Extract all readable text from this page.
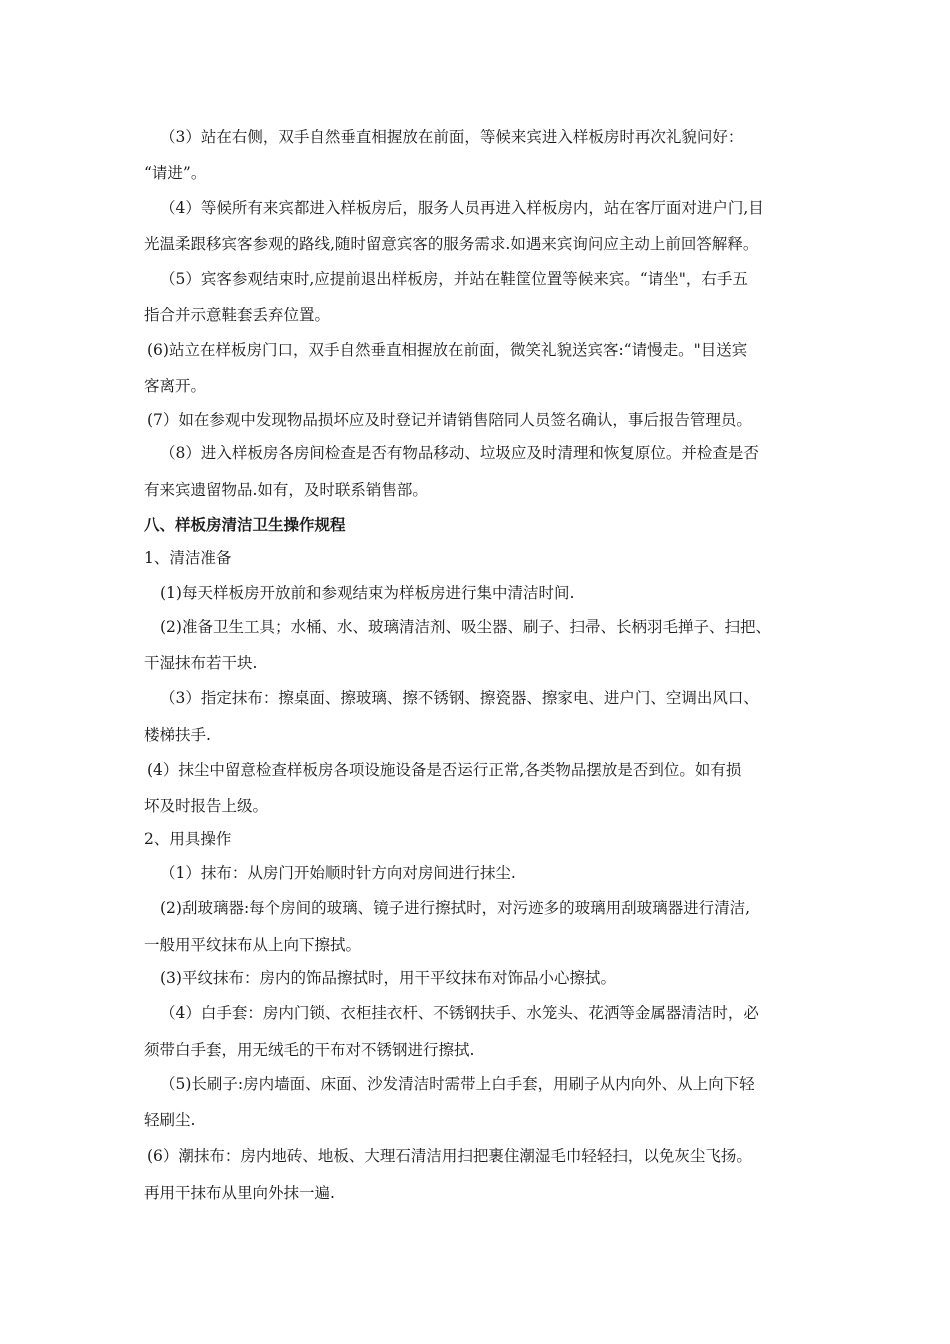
（3）站在右侧，双手自然垂直相握放在前面，等候来宾进入样板房时再次礼貌问好：
“请进”。
（4）等候所有来宾都进入样板房后，服务人员再进入样板房内，站在客厅面对进户门,目
光温柔跟移宾客参观的路线,随时留意宾客的服务需求.如遇来宾询问应主动上前回答解释。
（5）宾客参观结束时,应提前退出样板房，并站在鞋筐位置等候来宾。“请坐"，右手五
指合并示意鞋套丢弃位置。
(6)站立在样板房门口，双手自然垂直相握放在前面，微笑礼貌送宾客:“请慢走。"目送宾
客离开。
(7）如在参观中发现物品损坏应及时登记并请销售陪同人员签名确认，事后报告管理员。
（8）进入样板房各房间检查是否有物品移动、垃圾应及时清理和恢复原位。并检查是否
有来宾遗留物品.如有，及时联系销售部。
八、样板房清洁卫生操作规程
1、清洁准备
(1)每天样板房开放前和参观结束为样板房进行集中清洁时间.
(2)准备卫生工具；水桶、水、玻璃清洁剂、吸尘器、刷子、扫帚、长柄羽毛掸子、扫把、
干湿抹布若干块.
（3）指定抹布：擦桌面、擦玻璃、擦不锈钢、擦瓷器、擦家电、进户门、空调出风口、
楼梯扶手.
(4）抹尘中留意检查样板房各项设施设备是否运行正常,各类物品摆放是否到位。如有损
坏及时报告上级。
2、用具操作
（1）抹布：从房门开始顺时针方向对房间进行抹尘.
(2)刮玻璃器:每个房间的玻璃、镜子进行擦拭时，对污迹多的玻璃用刮玻璃器进行清洁,
一般用平纹抹布从上向下擦拭。
(3)平纹抹布：房内的饰品擦拭时，用干平纹抹布对饰品小心擦拭。
（4）白手套：房内门锁、衣柜挂衣杆、不锈钢扶手、水笼头、花洒等金属器清洁时，必
须带白手套，用无绒毛的干布对不锈钢进行擦拭.
（5)长刷子:房内墙面、床面、沙发清洁时需带上白手套，用刷子从内向外、从上向下轻
轻刷尘.
(6）潮抹布：房内地砖、地板、大理石清洁用扫把裹住潮湿毛巾轻轻扫，以免灰尘飞扬。
再用干抹布从里向外抹一遍.
